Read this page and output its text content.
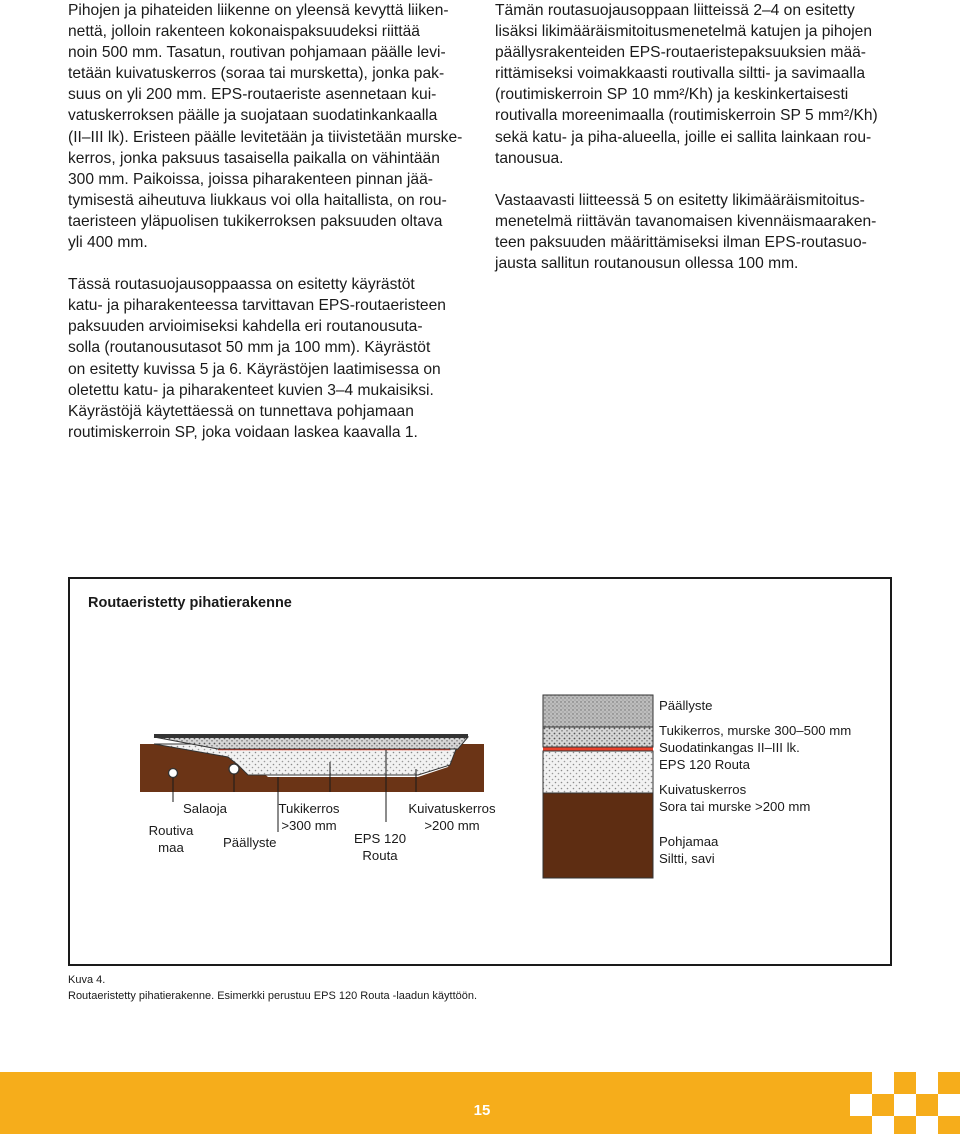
Pihojen ja pihateiden liikenne on yleensä kevyttä liiken-
nettä, jolloin rakenteen kokonaispaksuudeksi riittää
noin 500 mm. Tasatun, routivan pohjamaan päälle levi-
tetään kuivatuskerros (soraa tai mursketta), jonka pak-
suus on yli 200 mm. EPS-routaeriste asennetaan kui-
vatuskerroksen päälle ja suojataan suodatinkankaalla
(II–III lk). Eristeen päälle levitetään ja tiivistetään murske-
kerros, jonka paksuus tasaisella paikalla on vähintään
300 mm. Paikoissa, joissa piharakenteen pinnan jää-
tymisestä aiheutuva liukkaus voi olla haitallista, on rou-
taeristeen yläpuolisen tukikerroksen paksuuden oltava
yli 400 mm.

Tässä routasuojausoppaassa on esitetty käyrästöt
katu- ja piharakenteessa tarvittavan EPS-routaeristeen
paksuuden arvioimiseksi kahdella eri routanousuta-
solla (routanousutasot 50 mm ja 100 mm). Käyrästöt
on esitetty kuvissa 5 ja 6. Käyrästöjen laatimisessa on
oletettu katu- ja piharakenteet kuvien 3–4 mukaisiksi.
Käyrästöjä käytettäessä on tunnettava pohjamaan
routimiskerroin SP, joka voidaan laskea kaavalla 1.

Tämän routasuojausoppaan liitteissä 2–4 on esitetty
lisäksi likimääräismitoitusmenetelmä katujen ja pihojen
päällysrakenteiden EPS-routaeristepaksuuksien mää-
rittämiseksi voimakkaasti routivalla siltti- ja savimaalla
(routimiskerroin SP 10 mm²/Kh) ja keskinkertaisesti
routivalla moreenimaalla (routimiskerroin SP 5 mm²/Kh)
sekä katu- ja piha-alueella, joille ei sallita lainkaan rou-
tanousua.

Vastaavasti liitteessä 5 on esitetty likimääräismitoitus-
menetelmä riittävän tavanomaisen kivennäismaaraken-
teen paksuuden määrittämiseksi ilman EPS-routasuo-
jausta sallitun routanousun ollessa 100 mm.

Routaeristetty pihatierakenne
Routiva
maa
Salaoja
Päällyste
Tukikerros
>300 mm
EPS 120
Routa
Kuivatuskerros
>200 mm
Päällyste
Tukikerros, murske 300–500 mm
Suodatinkangas II–III lk.
EPS 120 Routa
Kuivatuskerros
Sora tai murske >200 mm
Pohjamaa
Siltti, savi
Kuva 4.
Routaeristetty pihatierakenne. Esimerkki perustuu EPS 120 Routa -laadun käyttöön.
15
